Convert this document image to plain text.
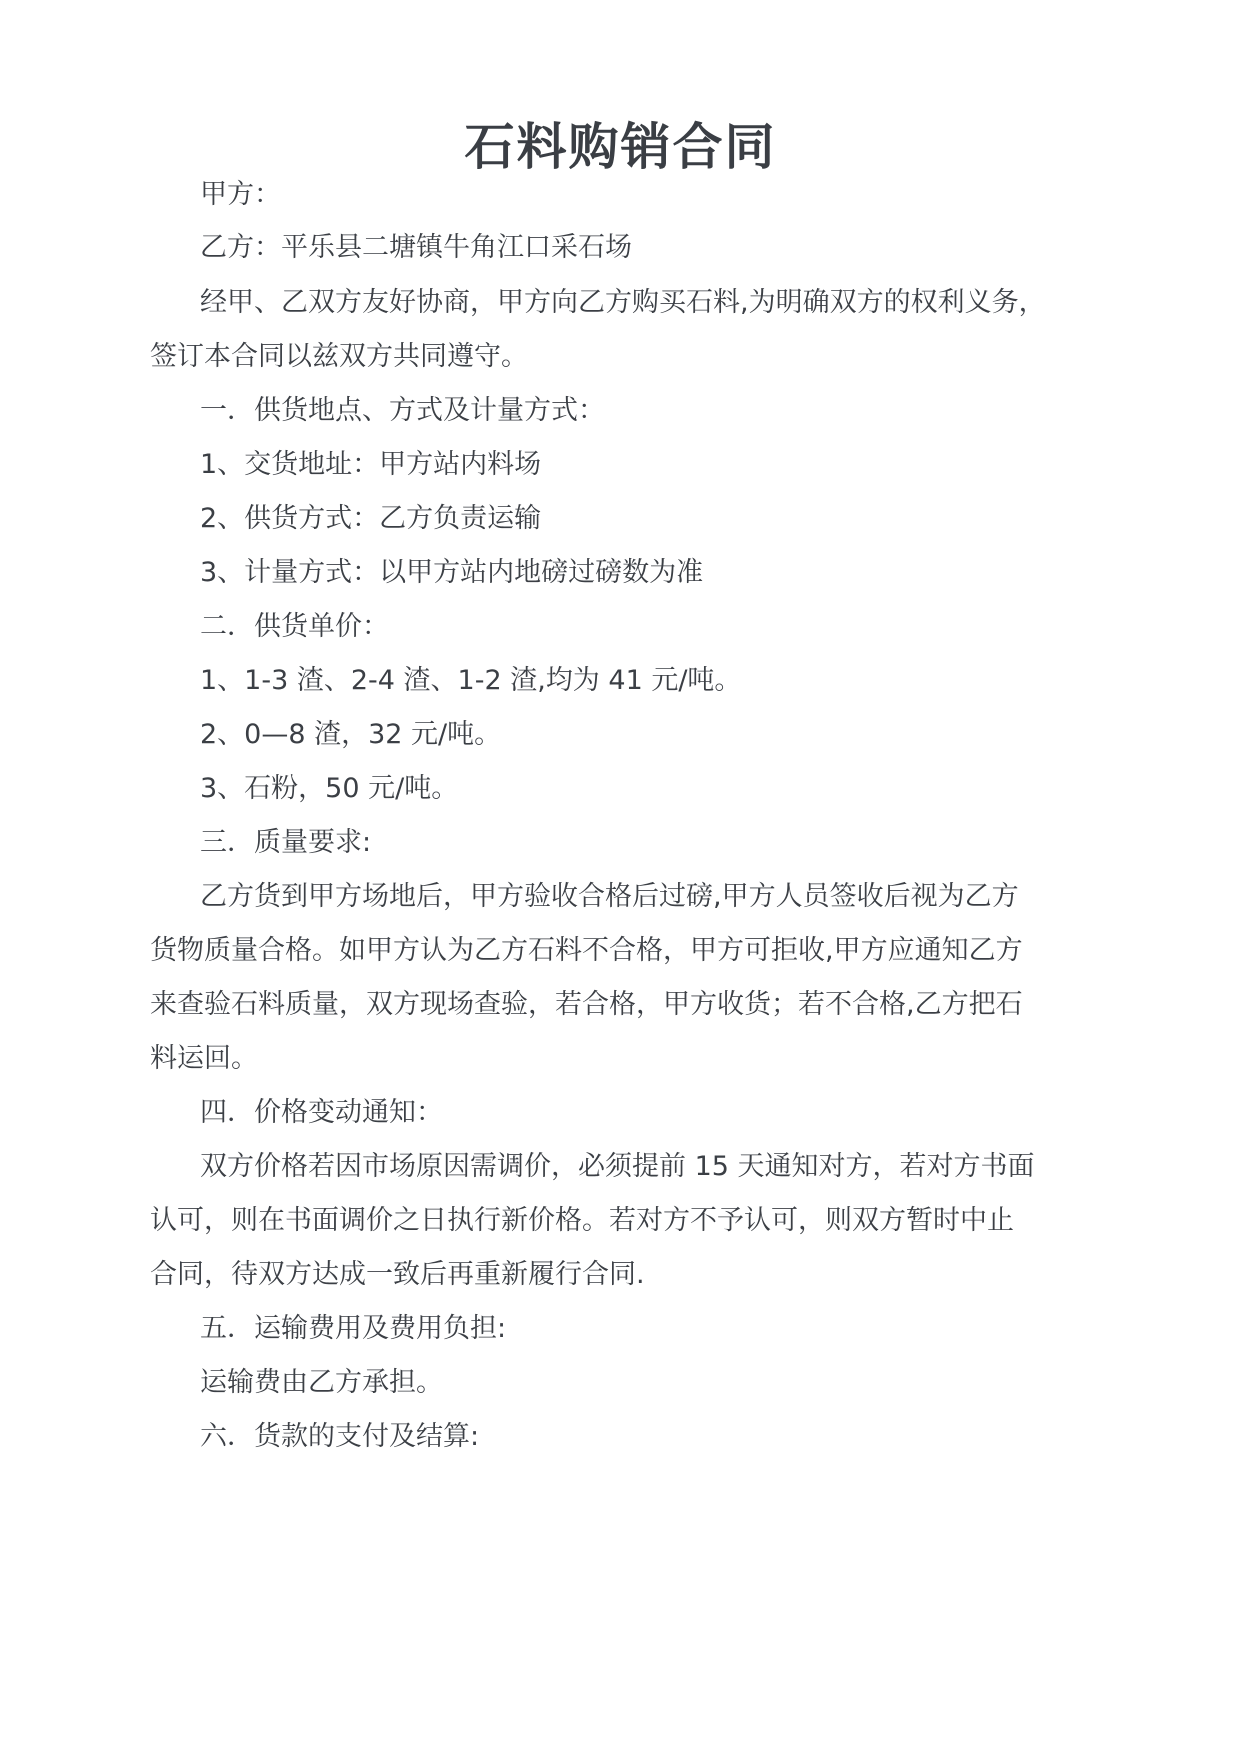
石料购销合同

甲方：

乙方：平乐县二塘镇牛角江口采石场

经甲、乙双方友好协商，甲方向乙方购买石料,为明确双方的权利义务，

签订本合同以兹双方共同遵守。

一．供货地点、方式及计量方式：

1、交货地址：甲方站内料场

2、供货方式：乙方负责运输

3、计量方式：以甲方站内地磅过磅数为准

二．供货单价：

1、1-3 渣、2-4 渣、1-2 渣,均为 41 元/吨。

2、0—8 渣，32 元/吨。

3、石粉，50 元/吨。

三．质量要求:

乙方货到甲方场地后，甲方验收合格后过磅,甲方人员签收后视为乙方

货物质量合格。如甲方认为乙方石料不合格，甲方可拒收,甲方应通知乙方

来查验石料质量，双方现场查验，若合格，甲方收货；若不合格,乙方把石

料运回。

四．价格变动通知：

双方价格若因市场原因需调价，必须提前 15 天通知对方，若对方书面

认可，则在书面调价之日执行新价格。若对方不予认可，则双方暂时中止

合同，待双方达成一致后再重新履行合同.

五．运输费用及费用负担:

运输费由乙方承担。

六．货款的支付及结算:
